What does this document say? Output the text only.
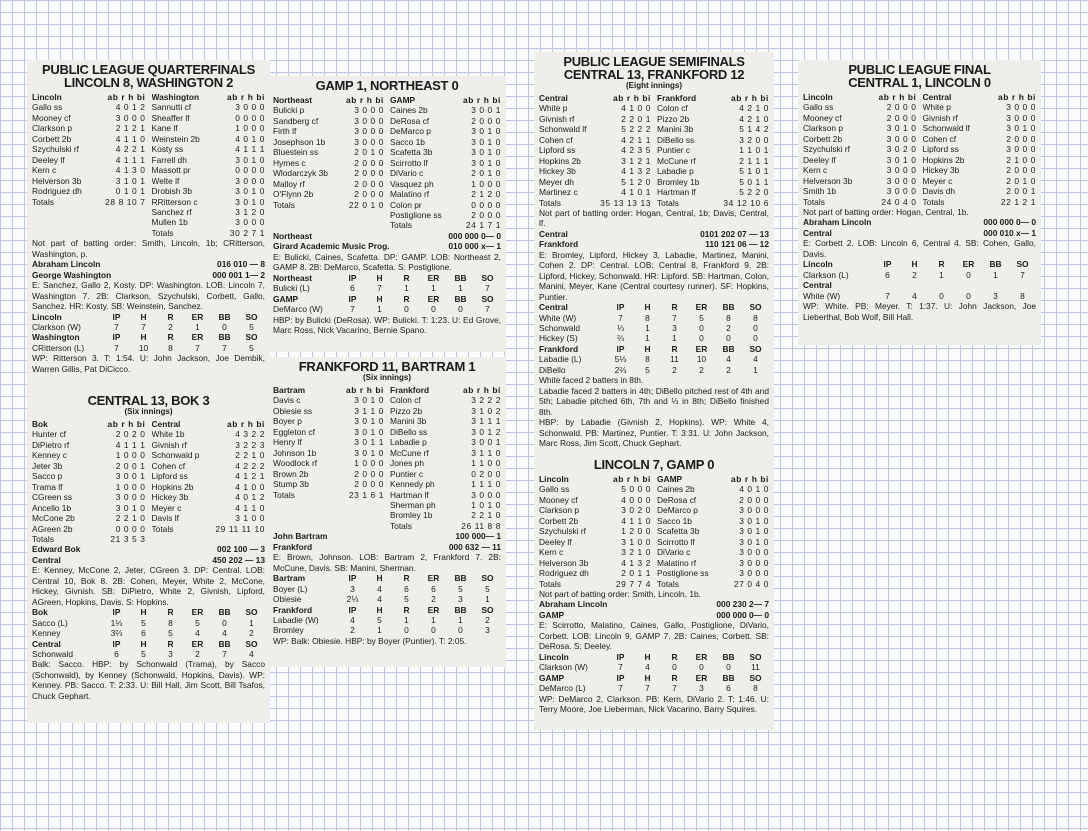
PUBLIC LEAGUE QUARTERFINALS
LINCOLN 8, WASHINGTON 2
Lincoln	ab r h bi
Gallo ss	4 0 1 2
Mooney cf	3 0 0 0
Clarkson p	2 1 2 1
Corbett 2b	4 1 1 0
Szychulski rf	4 2 2 1
Deeley lf	4 1 1 1
Kern c	4 1 3 0
Helverson 3b	3 1 0 1
Rodriguez dh	0 1 0 1
Totals	28 8 10 7
Washington	ab r h bi
Sannutti cf	3 0 0 0
Sheaffer lf	0 0 0 0
Kane lf	1 0 0 0
Weinstein 2b	4 0 1 0
Kosty ss	4 1 1 1
Farrell dh	3 0 1 0
Massott pr	0 0 0 0
Welte lf	3 0 0 0
Drobish 3b	3 0 1 0
RRitterson c	3 0 1 0
Sanchez rf	3 1 2 0
Mullen 1b	3 0 0 0
Totals	30 2 7 1

Not part of batting order: Smith, Lincoln, 1b; CRitterson, Washington, p.

Abraham Lincoln	016 010 — 8
George Washington	000 001 1— 2

E: Sanchez, Gallo 2, Kosty. DP: Washington. LOB: Lincoln 7, Washington 7. 2B: Clarkson, Szychulski, Corbett, Gallo, Sanchez. HR: Kosty. SB: Weinstein, Sanchez.

Lincoln	IP	H	R	ER	BB	SO
Clarkson (W)	7	7	2	1	0	5
Washington	IP	H	R	ER	BB	SO
CRitterson (L)	7	10	8	7	7	5

WP: Ritterson 3. T: 1:54. U: John Jackson, Joe Dembik, Warren Gillis, Pat DiCicco.

CENTRAL 13, BOK 3
(Six innings)
Bok	ab r h bi
Hunter cf	2 0 2 0
DiPietro rf	4 1 1 1
Kenney c	1 0 0 0
Jeter 3b	2 0 0 1
Sacco p	3 0 0 1
Trama lf	1 0 0 0
CGreen ss	3 0 0 0
Ancello 1b	3 0 1 0
McCone 2b	2 2 1 0
AGreen 2b	0 0 0 0
Totals	21 3 5 3
Central	ab r h bi
White 1b	4 3 2 2
Givnish rf	3 2 2 3
Schonwald p	2 2 1 0
Cohen cf	4 2 2 2
Lipford ss	4 1 2 1
Hopkins 2b	4 1 0 0
Hickey 3b	4 0 1 2
Meyer c	4 1 1 0
Davis lf	3 1 0 0
Totals	29 11 11 10
Edward Bok	002 100 — 3
Central	450 202 — 13

E: Kenney, McCone 2, Jeter, CGreen 3. DP: Central. LOB: Central 10, Bok 8. 2B: Cohen, Meyer, White 2, McCone, Hickey, Givnish. SB: DiPietro, White 2, Givnish, Lipford, AGreen, Hopkins, Davis. S: Hopkins.

Bok	IP	H	R	ER	BB	SO
Sacco (L)	1⅓	5	8	5	0	1
Kenney	3⅔	6	5	4	4	2
Central	IP	H	R	ER	BB	SO
Schonwald	6	5	3	2	7	4

Balk: Sacco. HBP: by Schonwald (Trama), by Sacco (Schonwald), by Kenney (Schonwald, Hopkins, Davis). WP: Kenney. PB: Sacco. T: 2:33. U: Bill Hall, Jim Scott, Bill Tsafos, Chuck Gephart.

GAMP 1, NORTHEAST 0
Northeast	ab r h bi
Bulicki p	3 0 0 0
Sandberg cf	3 0 0 0
Firth lf	3 0 0 0
Josephson 1b	3 0 0 0
Bluestein ss	2 0 1 0
Hymes c	2 0 0 0
Wlodarczyk 3b	2 0 0 0
Malloy rf	2 0 0 0
O'Flynn 2b	2 0 0 0
Totals	22 0 1 0
GAMP	ab r h bi
Caines 2b	3 0 0 1
DeRosa cf	2 0 0 0
DeMarco p	3 0 1 0
Sacco 1b	3 0 1 0
Scafetta 3b	3 0 1 0
Scirrotto lf	3 0 1 0
DiVario c	2 0 1 0
Vasquez ph	1 0 0 0
Malatino rf	2 1 2 0
Colon pr	0 0 0 0
Postiglione ss	2 0 0 0
Totals	24 1 7 1
Northeast	000 000 0— 0
Girard Academic Music Prog.	010 000 x— 1

E: Bulicki, Caines, Scafetta. DP: GAMP. LOB: Northeast 2, GAMP 8. 2B: DeMarco, Scafetta. S: Postiglione.

Northeast	IP	H	R	ER	BB	SO
Bulicki (L)	6	7	1	1	1	7
GAMP	IP	H	R	ER	BB	SO
DeMarco (W)	7	1	0	0	0	7

HBP: by Bulicki (DeRosa). WP: Bulicki. T: 1:23. U: Ed Grove, Marc Ross, Nick Vacarino, Bernie Spano.

FRANKFORD 11, BARTRAM 1
(Six innings)
Bartram	ab r h bi
Davis c	3 0 1 0
Obiesie ss	3 1 1 0
Boyer p	3 0 1 0
Eggleton cf	3 0 1 0
Henry lf	3 0 1 1
Johnson 1b	3 0 1 0
Woodlock rf	1 0 0 0
Brown 2b	2 0 0 0
Stump 3b	2 0 0 0
Totals	23 1 6 1
Frankford	ab r h bi
Colon cf	3 2 2 2
Pizzo 2b	3 1 0 2
Manini 3b	3 1 1 1
DiBello ss	3 0 1 2
Labadie p	3 0 0 1
McCune rf	3 1 1 0
Jones ph	1 1 0 0
Puntier c	0 2 0 0
Kennedy ph	1 1 1 0
Hartman lf	3 0 0 0
Sherman ph	1 0 1 0
Bromley 1b	2 2 1 0
Totals	26 11 8 8
John Bartram	100 000— 1
Frankford	000 632 — 11

E: Brown, Johnson. LOB: Bartram 2, Frankford 7. 2B: McCune, Davis. SB: Manini, Sherman.

Bartram	IP	H	R	ER	BB	SO
Boyer (L)	3	4	6	6	5	5
Obiesie	2⅓	4	5	2	3	1
Frankford	IP	H	R	ER	BB	SO
Labadie (W)	4	5	1	1	1	2
Bromley	2	1	0	0	0	3

WP: Balk: Obiesie. HBP: by Boyer (Puntier). T: 2:05.

PUBLIC LEAGUE SEMIFINALS
CENTRAL 13, FRANKFORD 12
(Eight innings)
Central	ab r h bi
White p	4 1 0 0
Givnish rf	2 2 0 1
Schonwald lf	5 2 2 2
Cohen cf	4 2 1 1
Lipford ss	4 2 3 5
Hopkins 2b	3 1 2 1
Hickey 3b	4 1 3 2
Meyer dh	5 1 2 0
Martinez c	4 1 0 1
Totals	35 13 13 13
Frankford	ab r h bi
Colon cf	4 2 1 0
Pizzo 2b	4 2 1 0
Manini 3b	5 1 4 2
DiBello ss	3 2 0 0
Puntier c	1 1 0 1
McCune rf	2 1 1 1
Labadie p	5 1 0 1
Bromley 1b	5 0 1 1
Hartman lf	5 2 2 0
Totals	34 12 10 6

Not part of batting order: Hogan, Central, 1b; Davis, Central, lf.

Central	0101 202 07 — 13
Frankford	110 121 06 — 12

E: Bromley, Lipford, Hickey 3, Labadie, Martinez, Manini, Cohen 2. DP: Central. LOB: Central 8, Frankford 9. 2B: Lipford, Hickey, Schonwald. HR: Lipford. SB: Hartman, Colon, Manini, Meyer, Kane (Central courtesy runner). SF: Hopkins, Puntier.

Central	IP	H	R	ER	BB	SO
White (W)	7	8	7	5	8	8
Schonwald	⅓	1	3	0	2	0
Hickey (S)	⅔	1	1	0	0	0
Frankford	IP	H	R	ER	BB	SO
Labadie (L)	5⅓	8	11	10	4	4
DiBello	2⅔	5	2	2	2	1

White faced 2 batters in 8th.

Labadie faced 2 batters in 4th; DiBello pitched rest of 4th and 5th; Labadie pitched 6th, 7th and ⅓ in 8th; DiBello finished 8th.

HBP: by Labadie (Givnish 2, Hopkins). WP: White 4, Schonwald. PB: Martinez, Puntier. T: 3:31. U: John Jackson, Marc Ross, Jim Scott, Chuck Gephart.

LINCOLN 7, GAMP 0
Lincoln	ab r h bi
Gallo ss	5 0 0 0
Mooney cf	4 0 0 0
Clarkson p	3 0 2 0
Corbett 2b	4 1 1 0
Szychulski rf	1 2 0 0
Deeley lf	3 1 0 0
Kern c	3 2 1 0
Helverson 3b	4 1 3 2
Rodriguez dh	2 0 1 1
Totals	29 7 7 4
GAMP	ab r h bi
Caines 2b	4 0 1 0
DeRosa cf	2 0 0 0
DeMarco p	3 0 0 0
Sacco 1b	3 0 1 0
Scafetta 3b	3 0 1 0
Scirrotto lf	3 0 1 0
DiVario c	3 0 0 0
Malatino rf	3 0 0 0
Postiglione ss	3 0 0 0
Totals	27 0 4 0

Not part of batting order: Smith, Lincoln, 1b.

Abraham Lincoln	000 230 2— 7
GAMP	000 000 0— 0

E: Scirrotto, Malatino, Caines, Gallo, Postiglione, DiVario, Corbett. LOB: Lincoln 9, GAMP 7. 2B: Caines, Corbett. SB: DeRosa. S: Deeley.

Lincoln	IP	H	R	ER	BB	SO
Clarkson (W)	7	4	0	0	0	11
GAMP	IP	H	R	ER	BB	SO
DeMarco (L)	7	7	7	3	6	8

WP: DeMarco 2, Clarkson. PB: Kern, DiVario 2. T: 1:46. U: Terry Moore, Joe Lieberman, Nick Vacarino, Barry Squires.

PUBLIC LEAGUE FINAL
CENTRAL 1, LINCOLN 0
Lincoln	ab r h bi
Gallo ss	2 0 0 0
Mooney cf	2 0 0 0
Clarkson p	3 0 1 0
Corbett 2b	3 0 0 0
Szychulski rf	3 0 2 0
Deeley lf	3 0 1 0
Kern c	3 0 0 0
Helverson 3b	3 0 0 0
Smith 1b	3 0 0 0
Totals	24 0 4 0
Central	ab r h bi
White p	3 0 0 0
Givnish rf	3 0 0 0
Schonwald lf	3 0 1 0
Cohen cf	2 0 0 0
Lipford ss	3 0 0 0
Hopkins 2b	2 1 0 0
Hickey 3b	2 0 0 0
Meyer c	2 0 1 0
Davis dh	2 0 0 1
Totals	22 1 2 1

Not part of batting order: Hogan, Central, 1b.

Abraham Lincoln	000 000 0— 0
Central	000 010 x— 1

E: Corbett 2. LOB: Lincoln 6, Central 4. SB: Cohen, Gallo, Davis.

Lincoln	IP	H	R	ER	BB	SO
Clarkson (L)	6	2	1	0	1	7
Central
White (W)	7	4	0	0	3	8

WP: White. PB: Meyer. T: 1:37. U: John Jackson, Joe Lieberthal, Bob Wolf, Bill Hall.
